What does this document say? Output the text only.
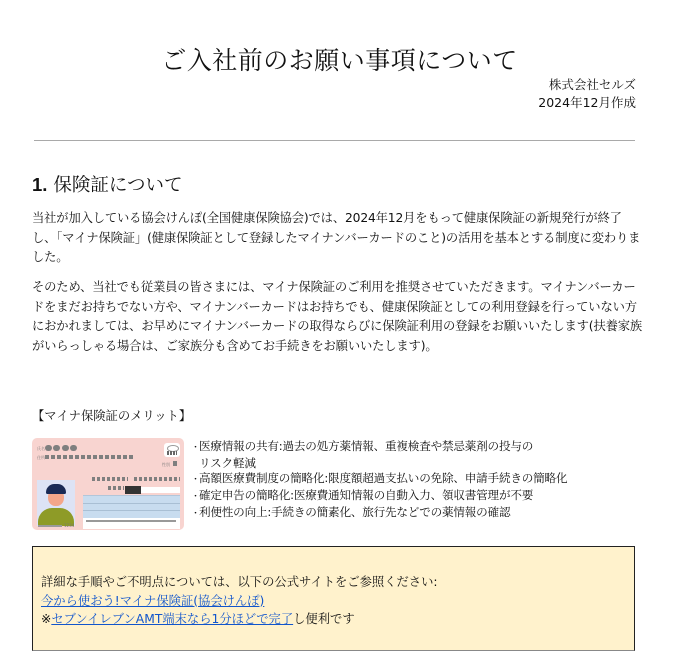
ご入社前のお願い事項について
株式会社セルズ
2024年12月作成
1. 保険証について

当社が加入している協会けんぽ(全国健康保険協会)では、2024年12月をもって健康保険証の新規発行が終了し、「マイナ保険証」(健康保険証として登録したマイナンバーカードのこと)の活用を基本とする制度に変わりました。

そのため、当社でも従業員の皆さまには、マイナ保険証のご利用を推奨させていただきます。マイナンバーカードをまだお持ちでない方や、マイナンバーカードはお持ちでも、健康保険証としての利用登録を行っていない方におかれましては、お早めにマイナンバーカードの取得ならびに保険証利用の登録をお願いいたします(扶養家族がいらっしゃる場合は、ご家族分も含めてお手続きをお願いいたします)。

【マイナ保険証のメリット】

氏名
住所
性別
1234
・ 医療情報の共有:過去の処方薬情報、重複検査や禁忌薬剤の投与の
リスク軽減
・ 高額医療費制度の簡略化:限度額超過支払いの免除、申請手続きの簡略化
・ 確定申告の簡略化:医療費通知情報の自動入力、領収書管理が不要
・ 利便性の向上:手続きの簡素化、旅行先などでの薬情報の確認
詳細な手順やご不明点については、以下の公式サイトをご参照ください:
今から使おう!マイナ保険証(協会けんぽ)
※セブンイレブンAMT端末なら1分ほどで完了し便利です
